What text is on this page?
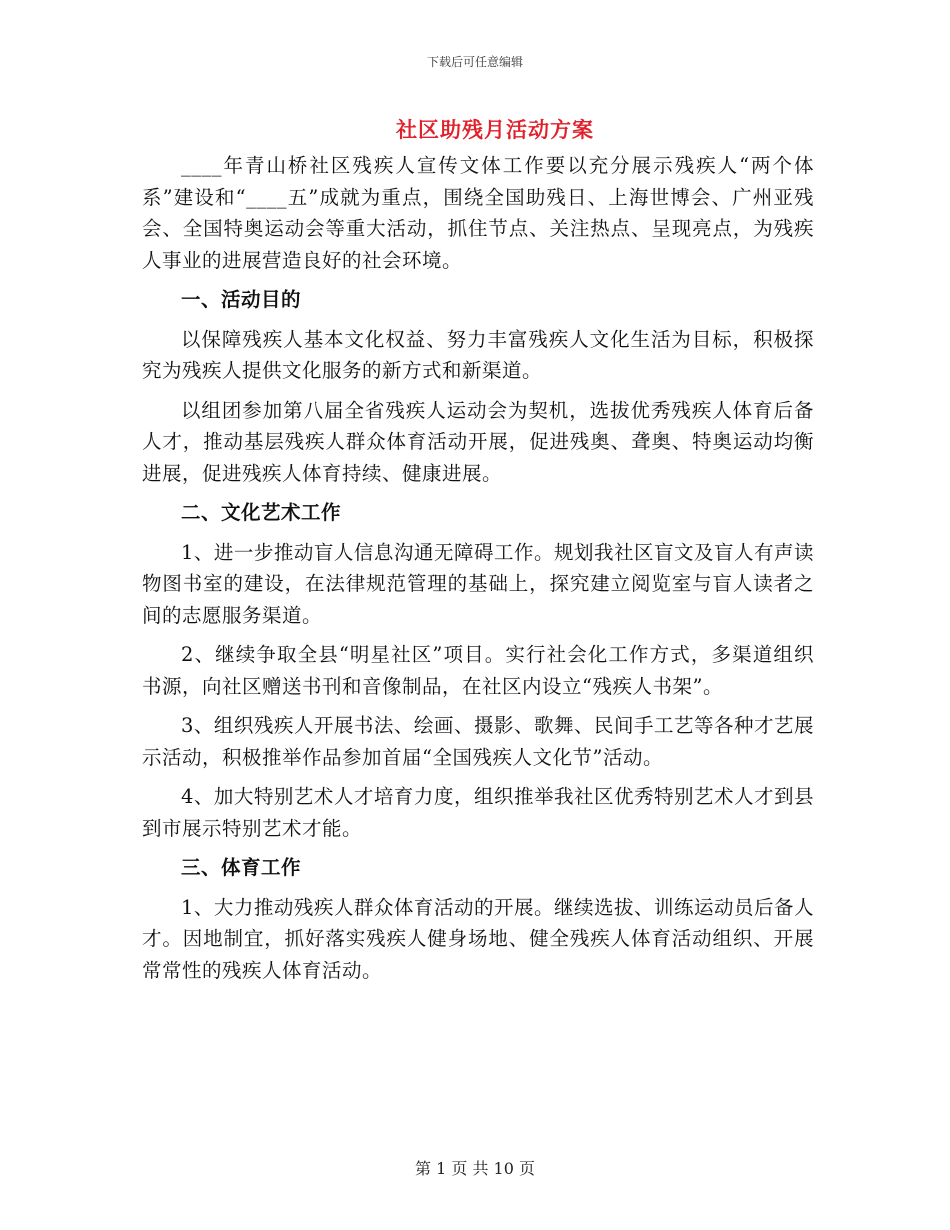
下载后可任意编辑
社区助残月活动方案

____年青山桥社区残疾人宣传文体工作要以充分展示残疾人“两个体系”建设和“____五”成就为重点，围绕全国助残日、上海世博会、广州亚残会、全国特奥运动会等重大活动，抓住节点、关注热点、呈现亮点，为残疾人事业的进展营造良好的社会环境。

一、活动目的

以保障残疾人基本文化权益、努力丰富残疾人文化生活为目标，积极探究为残疾人提供文化服务的新方式和新渠道。

以组团参加第八届全省残疾人运动会为契机，选拔优秀残疾人体育后备人才，推动基层残疾人群众体育活动开展，促进残奥、聋奥、特奥运动均衡进展，促进残疾人体育持续、健康进展。

二、文化艺术工作

1、进一步推动盲人信息沟通无障碍工作。规划我社区盲文及盲人有声读物图书室的建设，在法律规范管理的基础上，探究建立阅览室与盲人读者之间的志愿服务渠道。

2、继续争取全县“明星社区”项目。实行社会化工作方式，多渠道组织书源，向社区赠送书刊和音像制品，在社区内设立“残疾人书架”。

3、组织残疾人开展书法、绘画、摄影、歌舞、民间手工艺等各种才艺展示活动，积极推举作品参加首届“全国残疾人文化节”活动。

4、加大特别艺术人才培育力度，组织推举我社区优秀特别艺术人才到县到市展示特别艺术才能。

三、体育工作

1、大力推动残疾人群众体育活动的开展。继续选拔、训练运动员后备人才。因地制宜，抓好落实残疾人健身场地、健全残疾人体育活动组织、开展常常性的残疾人体育活动。

第 1 页 共 10 页
